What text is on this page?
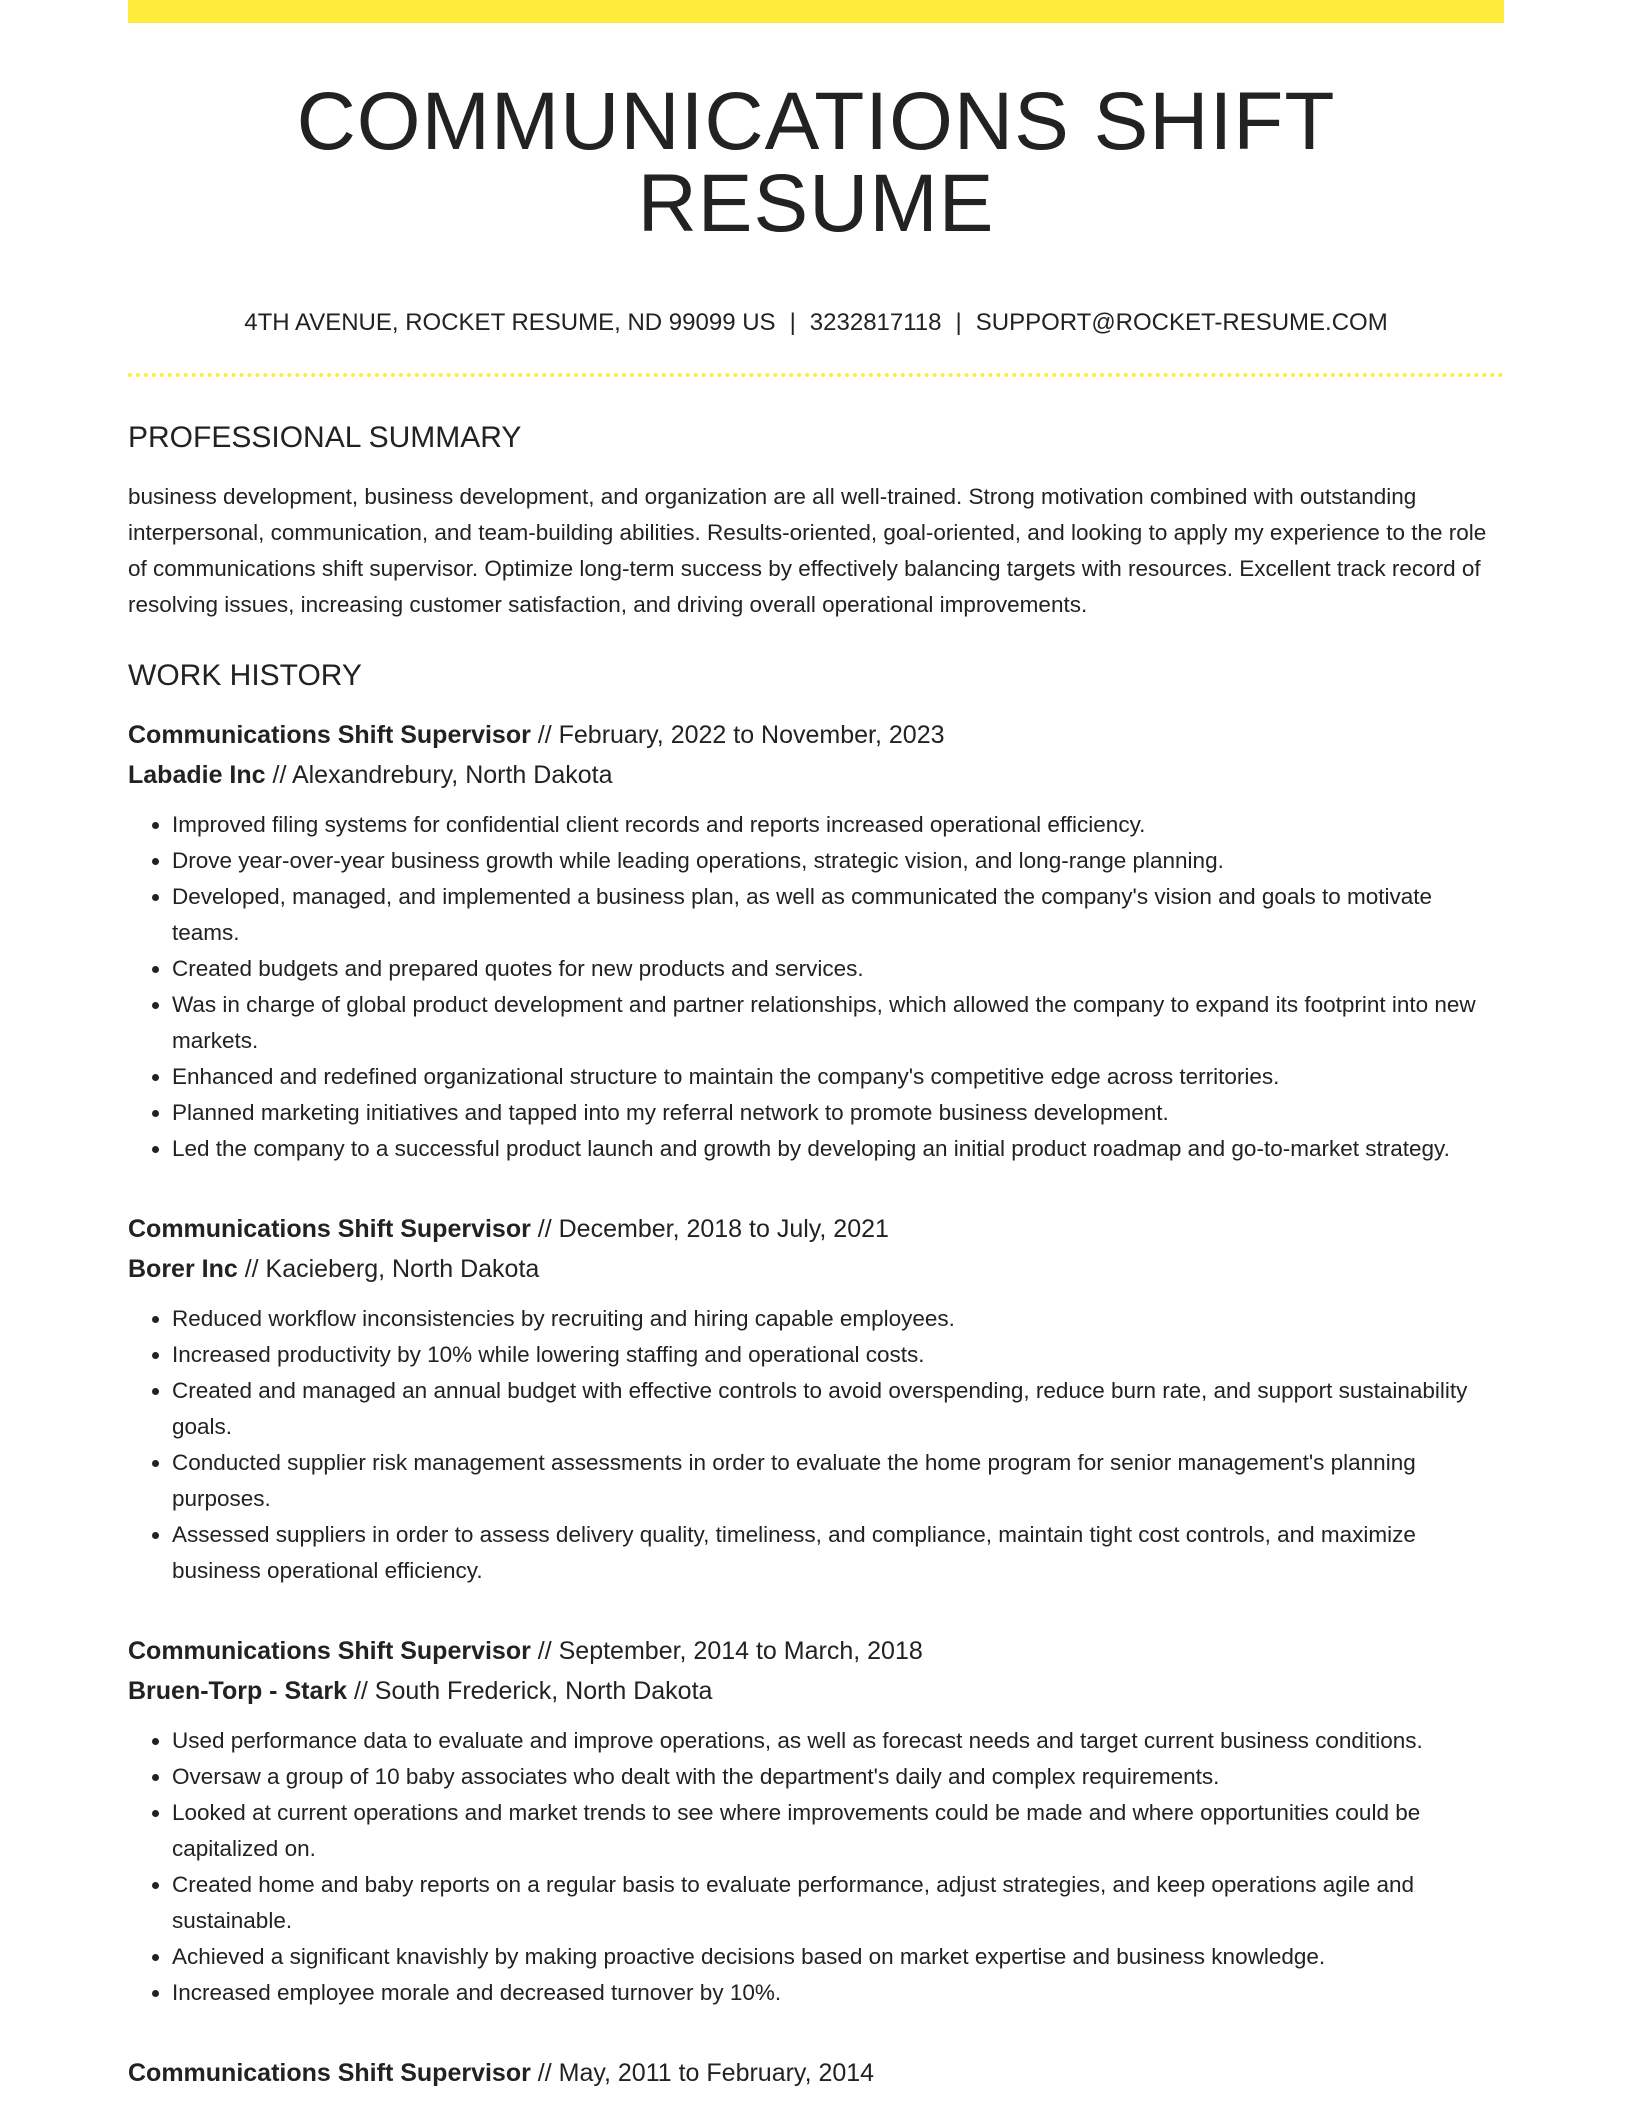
COMMUNICATIONS SHIFT RESUME
4TH AVENUE, ROCKET RESUME, ND 99099 US | 3232817118 | SUPPORT@ROCKET-RESUME.COM
PROFESSIONAL SUMMARY

business development, business development, and organization are all well-trained. Strong motivation combined with outstanding interpersonal, communication, and team-building abilities. Results-oriented, goal-oriented, and looking to apply my experience to the role of communications shift supervisor. Optimize long-term success by effectively balancing targets with resources. Excellent track record of resolving issues, increasing customer satisfaction, and driving overall operational improvements.

WORK HISTORY
Communications Shift Supervisor // February, 2022 to November, 2023
Labadie Inc // Alexandrebury, North Dakota
• Improved filing systems for confidential client records and reports increased operational efficiency.
• Drove year-over-year business growth while leading operations, strategic vision, and long-range planning.
• Developed, managed, and implemented a business plan, as well as communicated the company's vision and goals to motivate teams.
• Created budgets and prepared quotes for new products and services.
• Was in charge of global product development and partner relationships, which allowed the company to expand its footprint into new markets.
• Enhanced and redefined organizational structure to maintain the company's competitive edge across territories.
• Planned marketing initiatives and tapped into my referral network to promote business development.
• Led the company to a successful product launch and growth by developing an initial product roadmap and go-to-market strategy.
Communications Shift Supervisor // December, 2018 to July, 2021
Borer Inc // Kacieberg, North Dakota
• Reduced workflow inconsistencies by recruiting and hiring capable employees.
• Increased productivity by 10% while lowering staffing and operational costs.
• Created and managed an annual budget with effective controls to avoid overspending, reduce burn rate, and support sustainability goals.
• Conducted supplier risk management assessments in order to evaluate the home program for senior management's planning purposes.
• Assessed suppliers in order to assess delivery quality, timeliness, and compliance, maintain tight cost controls, and maximize business operational efficiency.
Communications Shift Supervisor // September, 2014 to March, 2018
Bruen-Torp - Stark // South Frederick, North Dakota
• Used performance data to evaluate and improve operations, as well as forecast needs and target current business conditions.
• Oversaw a group of 10 baby associates who dealt with the department's daily and complex requirements.
• Looked at current operations and market trends to see where improvements could be made and where opportunities could be capitalized on.
• Created home and baby reports on a regular basis to evaluate performance, adjust strategies, and keep operations agile and sustainable.
• Achieved a significant knavishly by making proactive decisions based on market expertise and business knowledge.
• Increased employee morale and decreased turnover by 10%.
Communications Shift Supervisor // May, 2011 to February, 2014
